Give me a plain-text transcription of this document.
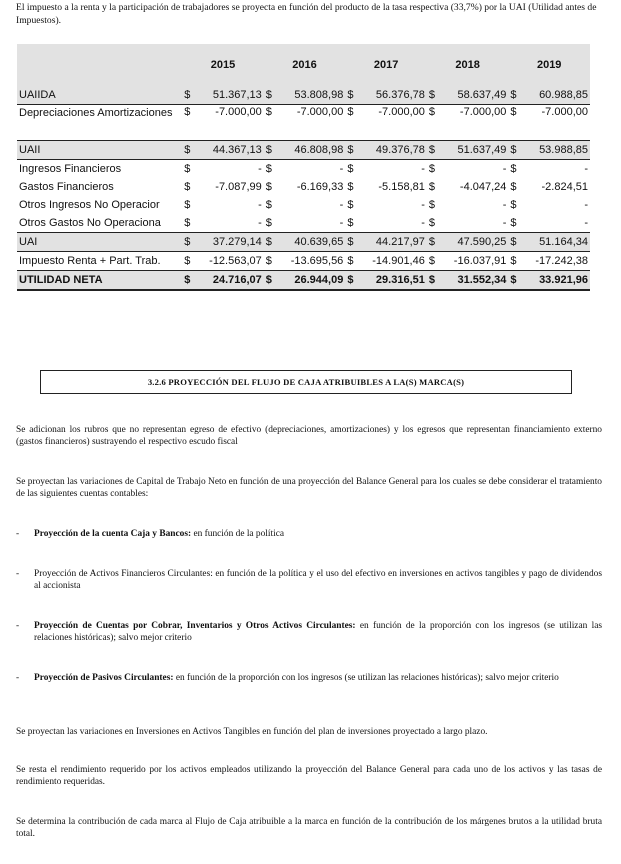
El impuesto a la renta y la participación de trabajadores se proyecta en función del producto de la tasa respectiva (33,7%) por la UAI (Utilidad antes de Impuestos).
	2015		2016		2017		2018		2019	
UAIIDA	$	51.367,13	$	53.808,98	$	56.376,78	$	58.637,49	$	60.988,85
Depreciaciones Amortizaciones	$	-7.000,00	$	-7.000,00	$	-7.000,00	$	-7.000,00	$	-7.000,00
UAII	$	44.367,13	$	46.808,98	$	49.376,78	$	51.637,49	$	53.988,85
Ingresos Financieros	$	-	$	-	$	-	$	-	$	-
Gastos Financieros	$	-7.087,99	$	-6.169,33	$	-5.158,81	$	-4.047,24	$	-2.824,51
Otros Ingresos No Operacior	$	-	$	-	$	-	$	-	$	-
Otros Gastos No Operaciona	$	-	$	-	$	-	$	-	$	-
UAI	$	37.279,14	$	40.639,65	$	44.217,97	$	47.590,25	$	51.164,34
Impuesto Renta + Part. Trab.	$	-12.563,07	$	-13.695,56	$	-14.901,46	$	-16.037,91	$	-17.242,38
UTILIDAD NETA	$	24.716,07	$	26.944,09	$	29.316,51	$	31.552,34	$	33.921,96
3.2.6 PROYECCIÓN DEL FLUJO DE CAJA ATRIBUIBLES A LA(S) MARCA(S)

Se adicionan los rubros que no representan egreso de efectivo (depreciaciones, amortizaciones) y los egresos que representan financiamiento externo (gastos financieros) sustrayendo el respectivo escudo fiscal

Se proyectan las variaciones de Capital de Trabajo Neto en función de una proyección del Balance General para los cuales se debe considerar el tratamiento de las siguientes cuentas contables:

-	Proyección de la cuenta Caja y Bancos: en función de la política
-	Proyección de Activos Financieros Circulantes: en función de la política y el uso del efectivo en inversiones en activos tangibles y pago de dividendos al accionista
-	Proyección de Cuentas por Cobrar, Inventarios y Otros Activos Circulantes: en función de la proporción con los ingresos (se utilizan las relaciones históricas); salvo mejor criterio
-	Proyección de Pasivos Circulantes: en función de la proporción con los ingresos (se utilizan las relaciones históricas); salvo mejor criterio

Se proyectan las variaciones en Inversiones en Activos Tangibles en función del plan de inversiones proyectado a largo plazo.

Se resta el rendimiento requerido por los activos empleados utilizando la proyección del Balance General para cada uno de los activos y las tasas de rendimiento requeridas.

Se determina la contribución de cada marca al Flujo de Caja atribuible a la marca en función de la contribución de los márgenes brutos a la utilidad bruta total.
